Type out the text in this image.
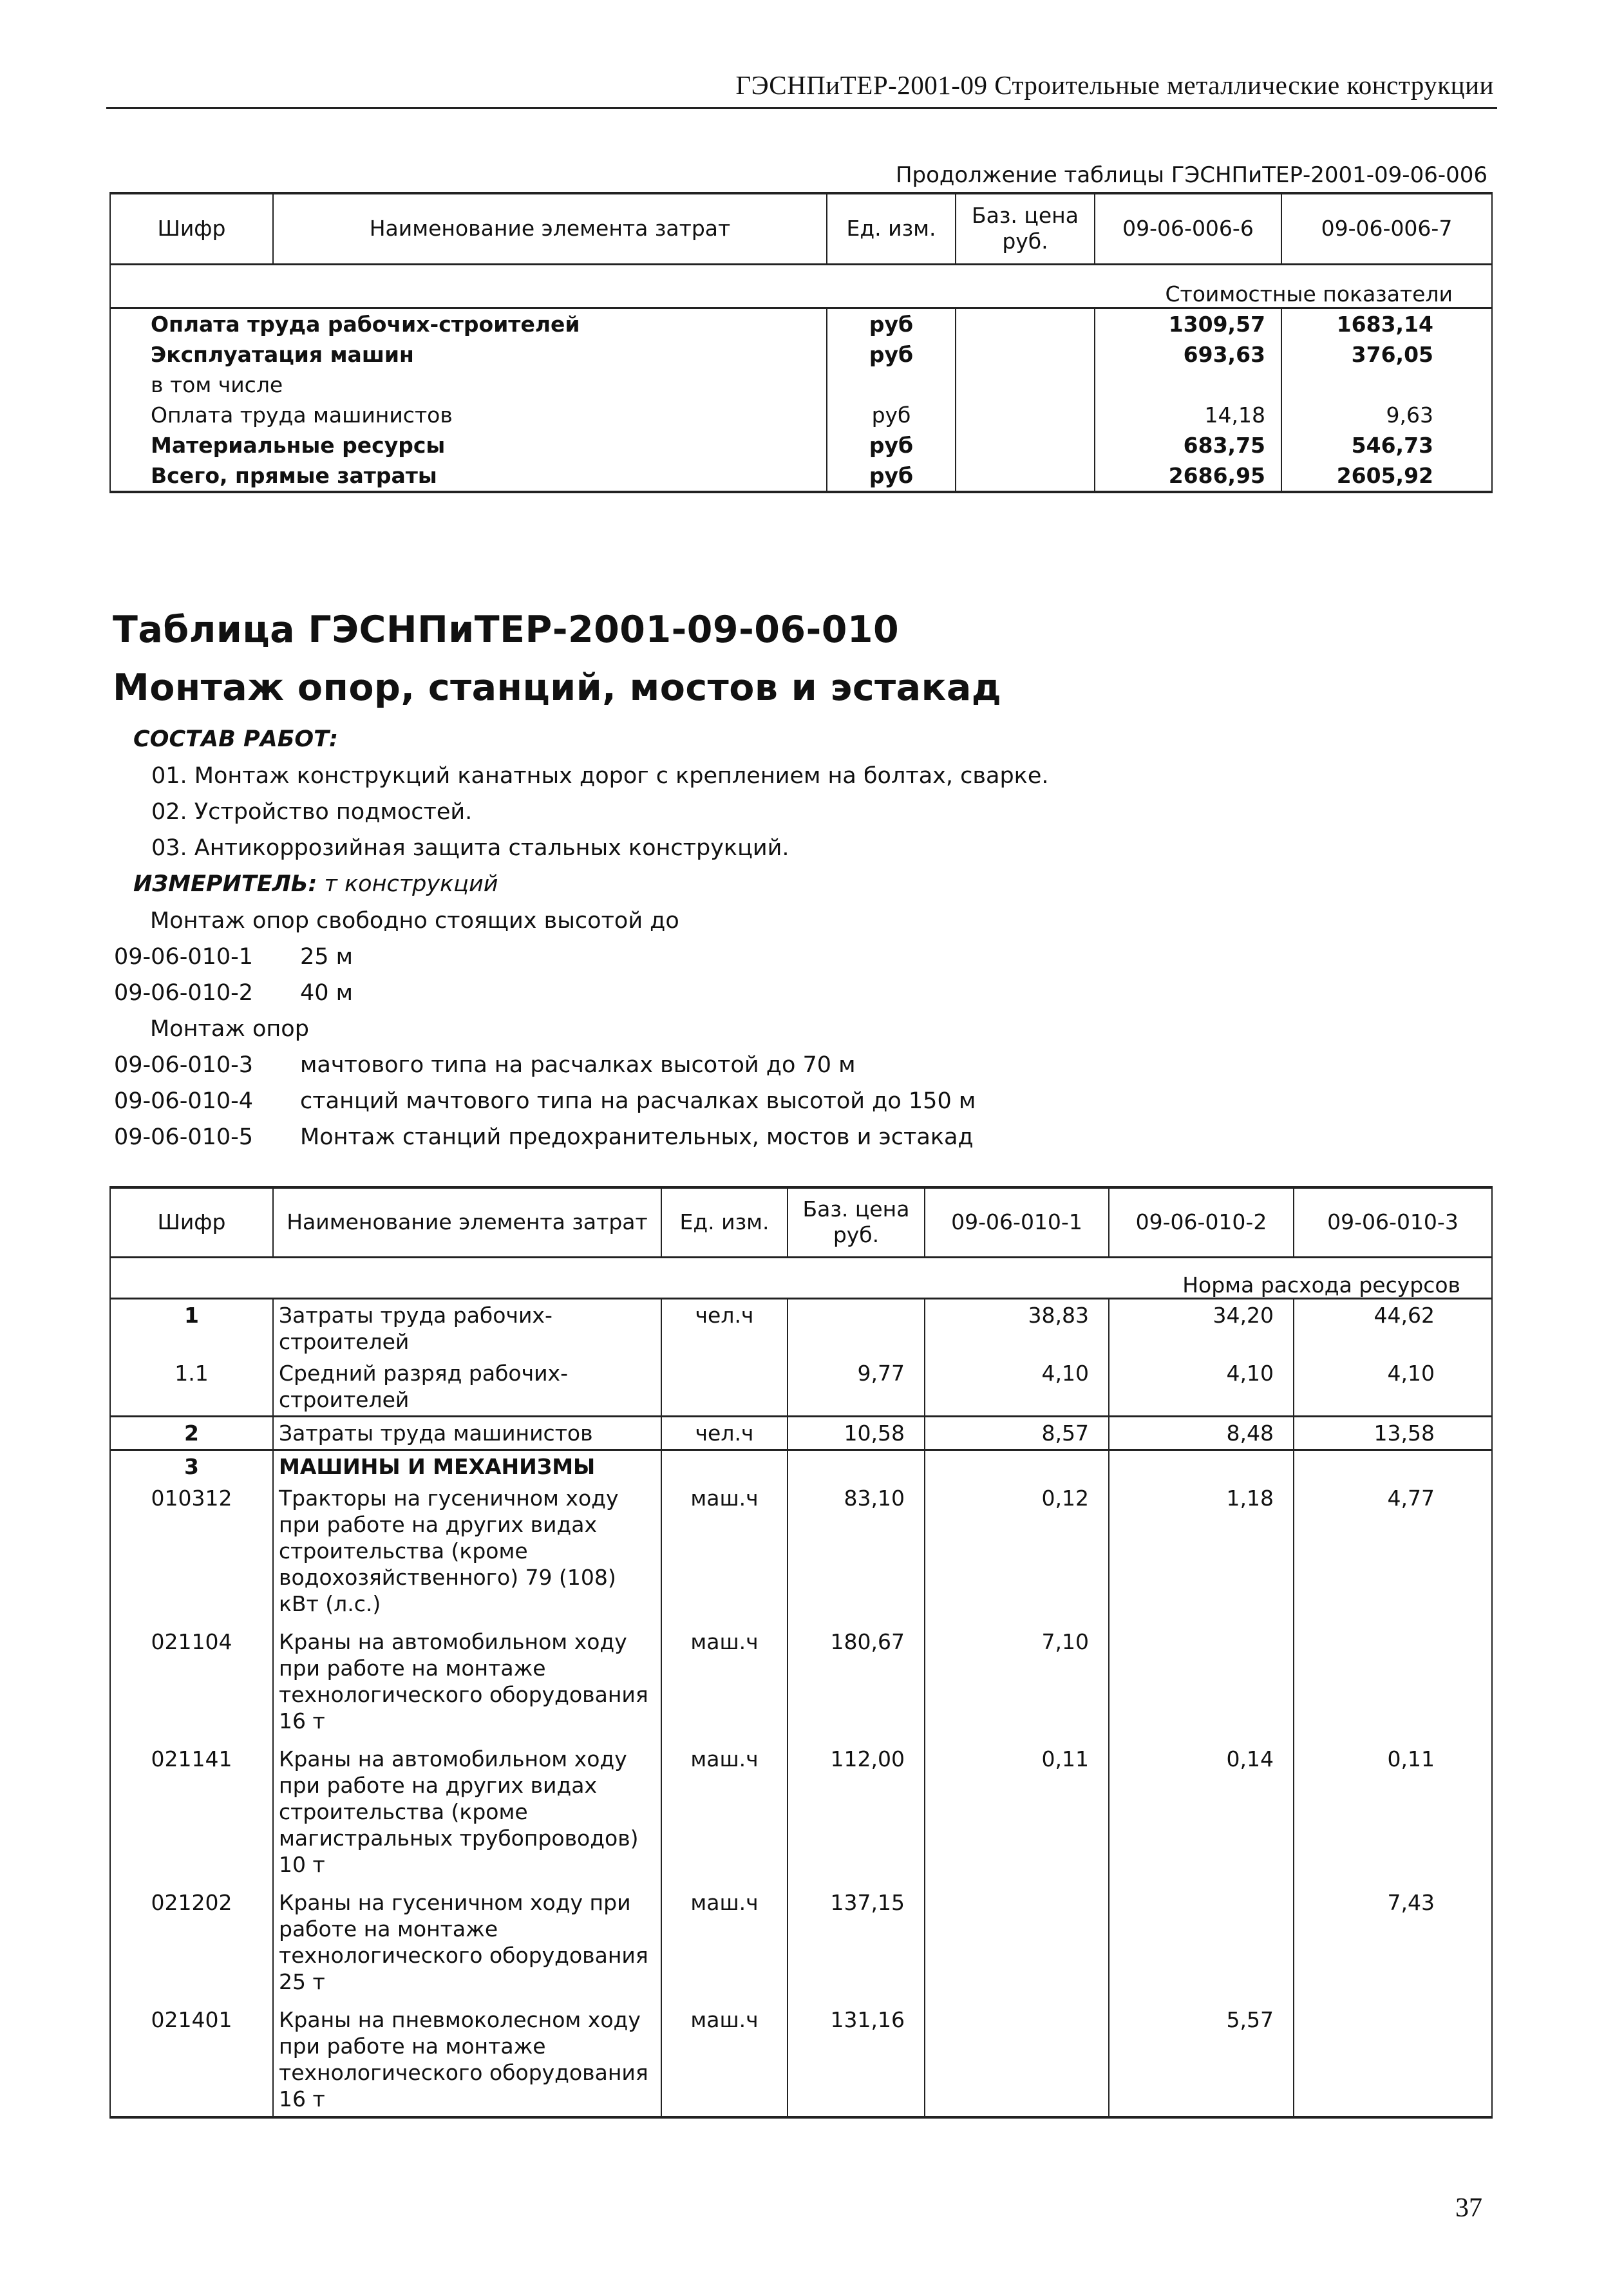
ГЭСНПиТЕР-2001-09 Строительные металлические конструкции
Продолжение таблицы ГЭСНПиТЕР-2001-09-06-006
Шифр	Наименование элемента затрат	Ед. изм.	Баз. цена руб.	09-06-006-6	09-06-006-7
Стоимостные показатели					
Оплата труда рабочих-строителей		руб		1309,57	1683,14
Эксплуатация машин		руб		693,63	376,05
в том числе					
Оплата труда машинистов		руб		14,18	9,63
Материальные ресурсы		руб		683,75	546,73
Всего, прямые затраты		руб		2686,95	2605,92
Таблица ГЭСНПиТЕР-2001-09-06-010
Монтаж опор, станций, мостов и эстакад
СОСТАВ РАБОТ:
01. Монтаж конструкций канатных дорог с креплением на болтах, сварке.
02. Устройство подмостей.
03. Антикоррозийная защита стальных конструкций.
ИЗМЕРИТЕЛЬ: т конструкций
Монтаж опор свободно стоящих высотой до
09-06-010-1 25 м
09-06-010-2 40 м
Монтаж опор
09-06-010-3 мачтового типа на расчалках высотой до 70 м
09-06-010-4 станций мачтового типа на расчалках высотой до 150 м
09-06-010-5 Монтаж станций предохранительных, мостов и эстакад
Шифр	Наименование элемента затрат	Ед. изм.	Баз. цена руб.	09-06-010-1	09-06-010-2	09-06-010-3
Норма расхода ресурсов						
1	Затраты труда рабочих-строителей	чел.ч		38,83	34,20	44,62
1.1	Средний разряд рабочих-строителей		9,77	4,10	4,10	4,10
2	Затраты труда машинистов	чел.ч	10,58	8,57	8,48	13,58
3	МАШИНЫ И МЕХАНИЗМЫ					
010312	Тракторы на гусеничном ходу при работе на других видах строительства (кроме водохозяйственного) 79 (108) кВт (л.с.)	маш.ч	83,10	0,12	1,18	4,77
021104	Краны на автомобильном ходу при работе на монтаже технологического оборудования 16 т	маш.ч	180,67	7,10		
021141	Краны на автомобильном ходу при работе на других видах строительства (кроме магистральных трубопроводов) 10 т	маш.ч	112,00	0,11	0,14	0,11
021202	Краны на гусеничном ходу при работе на монтаже технологического оборудования 25 т	маш.ч	137,15			7,43
021401	Краны на пневмоколесном ходу при работе на монтаже технологического оборудования 16 т	маш.ч	131,16		5,57	
37
